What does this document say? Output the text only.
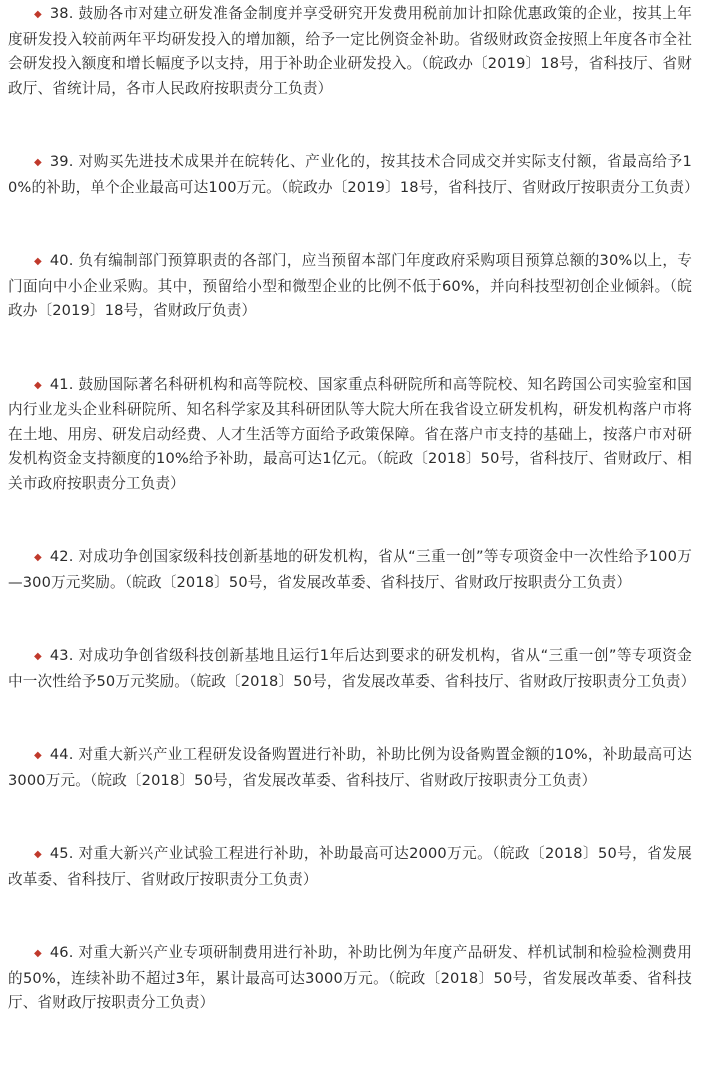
◆ 38. 鼓励各市对建立研发准备金制度并享受研究开发费用税前加计扣除优惠政策的企业，按其上年度研发投入较前两年平均研发投入的增加额，给予一定比例资金补助。省级财政资金按照上年度各市全社会研发投入额度和增长幅度予以支持，用于补助企业研发投入。（皖政办〔2019〕18号，省科技厅、省财政厅、省统计局，各市人民政府按职责分工负责）

◆ 39. 对购买先进技术成果并在皖转化、产业化的，按其技术合同成交并实际支付额，省最高给予10%的补助，单个企业最高可达100万元。（皖政办〔2019〕18号，省科技厅、省财政厅按职责分工负责）

◆ 40. 负有编制部门预算职责的各部门，应当预留本部门年度政府采购项目预算总额的30%以上，专门面向中小企业采购。其中，预留给小型和微型企业的比例不低于60%，并向科技型初创企业倾斜。（皖政办〔2019〕18号，省财政厅负责）

◆ 41. 鼓励国际著名科研机构和高等院校、国家重点科研院所和高等院校、知名跨国公司实验室和国内行业龙头企业科研院所、知名科学家及其科研团队等大院大所在我省设立研发机构，研发机构落户市将在土地、用房、研发启动经费、人才生活等方面给予政策保障。省在落户市支持的基础上，按落户市对研发机构资金支持额度的10%给予补助，最高可达1亿元。（皖政〔2018〕50号，省科技厅、省财政厅、相关市政府按职责分工负责）

◆ 42. 对成功争创国家级科技创新基地的研发机构，省从“三重一创”等专项资金中一次性给予100万—300万元奖励。（皖政〔2018〕50号，省发展改革委、省科技厅、省财政厅按职责分工负责）

◆ 43. 对成功争创省级科技创新基地且运行1年后达到要求的研发机构，省从“三重一创”等专项资金中一次性给予50万元奖励。（皖政〔2018〕50号，省发展改革委、省科技厅、省财政厅按职责分工负责）

◆ 44. 对重大新兴产业工程研发设备购置进行补助，补助比例为设备购置金额的10%，补助最高可达3000万元。（皖政〔2018〕50号，省发展改革委、省科技厅、省财政厅按职责分工负责）

◆ 45. 对重大新兴产业试验工程进行补助，补助最高可达2000万元。（皖政〔2018〕50号，省发展改革委、省科技厅、省财政厅按职责分工负责）

◆ 46. 对重大新兴产业专项研制费用进行补助，补助比例为年度产品研发、样机试制和检验检测费用的50%，连续补助不超过3年，累计最高可达3000万元。（皖政〔2018〕50号，省发展改革委、省科技厅、省财政厅按职责分工负责）
